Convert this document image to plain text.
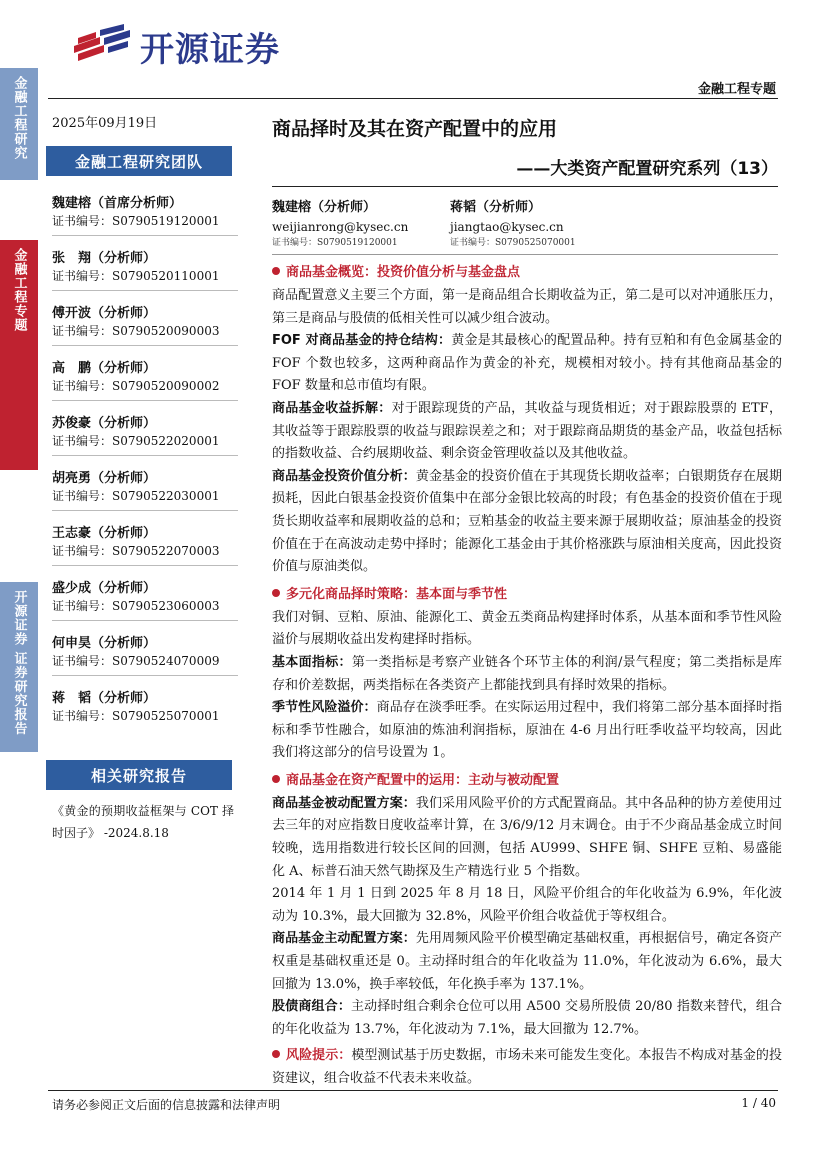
金融工程研究
金融工程专题
开源证券 证券研究报告
开源证券
金融工程专题
2025年09月19日
金融工程研究团队
魏建榕（首席分析师）
证书编号：S0790519120001
张　翔（分析师）
证书编号：S0790520110001
傅开波（分析师）
证书编号：S0790520090003
高　鹏（分析师）
证书编号：S0790520090002
苏俊豪（分析师）
证书编号：S0790522020001
胡亮勇（分析师）
证书编号：S0790522030001
王志豪（分析师）
证书编号：S0790522070003
盛少成（分析师）
证书编号：S0790523060003
何申昊（分析师）
证书编号：S0790524070009
蒋　韬（分析师）
证书编号：S0790525070001
相关研究报告
《黄金的预期收益框架与 COT 择时因子》 -2024.8.18
商品择时及其在资产配置中的应用
——大类资产配置研究系列（13）
魏建榕（分析师）
weijianrong@kysec.cn
证书编号：S0790519120001
蒋韬（分析师）
jiangtao@kysec.cn
证书编号：S0790525070001
商品基金概览：投资价值分析与基金盘点

商品配置意义主要三个方面，第一是商品组合长期收益为正，第二是可以对冲通胀压力，第三是商品与股债的低相关性可以减少组合波动。

FOF 对商品基金的持仓结构：黄金是其最核心的配置品种。持有豆粕和有色金属基金的 FOF 个数也较多，这两种商品作为黄金的补充，规模相对较小。持有其他商品基金的 FOF 数量和总市值均有限。

商品基金收益拆解：对于跟踪现货的产品，其收益与现货相近；对于跟踪股票的 ETF，其收益等于跟踪股票的收益与跟踪误差之和；对于跟踪商品期货的基金产品，收益包括标的指数收益、合约展期收益、剩余资金管理收益以及其他收益。

商品基金投资价值分析：黄金基金的投资价值在于其现货长期收益率；白银期货存在展期损耗，因此白银基金投资价值集中在部分金银比较高的时段；有色基金的投资价值在于现货长期收益率和展期收益的总和；豆粕基金的收益主要来源于展期收益；原油基金的投资价值在于在高波动走势中择时；能源化工基金由于其价格涨跌与原油相关度高，因此投资价值与原油类似。

多元化商品择时策略：基本面与季节性

我们对铜、豆粕、原油、能源化工、黄金五类商品构建择时体系，从基本面和季节性风险溢价与展期收益出发构建择时指标。

基本面指标：第一类指标是考察产业链各个环节主体的利润/景气程度；第二类指标是库存和价差数据，两类指标在各类资产上都能找到具有择时效果的指标。

季节性风险溢价：商品存在淡季旺季。在实际运用过程中，我们将第二部分基本面择时指标和季节性融合，如原油的炼油利润指标，原油在 4-6 月出行旺季收益平均较高，因此我们将这部分的信号设置为 1。

商品基金在资产配置中的运用：主动与被动配置

商品基金被动配置方案：我们采用风险平价的方式配置商品。其中各品种的协方差使用过去三年的对应指数日度收益率计算，在 3/6/9/12 月末调仓。由于不少商品基金成立时间较晚，选用指数进行较长区间的回测，包括 AU999、SHFE 铜、SHFE 豆粕、易盛能化 A、标普石油天然气勘探及生产精选行业 5 个指数。

2014 年 1 月 1 日到 2025 年 8 月 18 日，风险平价组合的年化收益为 6.9%，年化波动为 10.3%，最大回撤为 32.8%，风险平价组合收益优于等权组合。

商品基金主动配置方案：先用周频风险平价模型确定基础权重，再根据信号，确定各资产权重是基础权重还是 0。主动择时组合的年化收益为 11.0%，年化波动为 6.6%，最大回撤为 13.0%，换手率较低，年化换手率为 137.1%。

股债商组合：主动择时组合剩余仓位可以用 A500 交易所股债 20/80 指数来替代，组合的年化收益为 13.7%，年化波动为 7.1%，最大回撤为 12.7%。

风险提示：模型测试基于历史数据，市场未来可能发生变化。本报告不构成对基金的投资建议，组合收益不代表未来收益。

请务必参阅正文后面的信息披露和法律声明	1 / 40
